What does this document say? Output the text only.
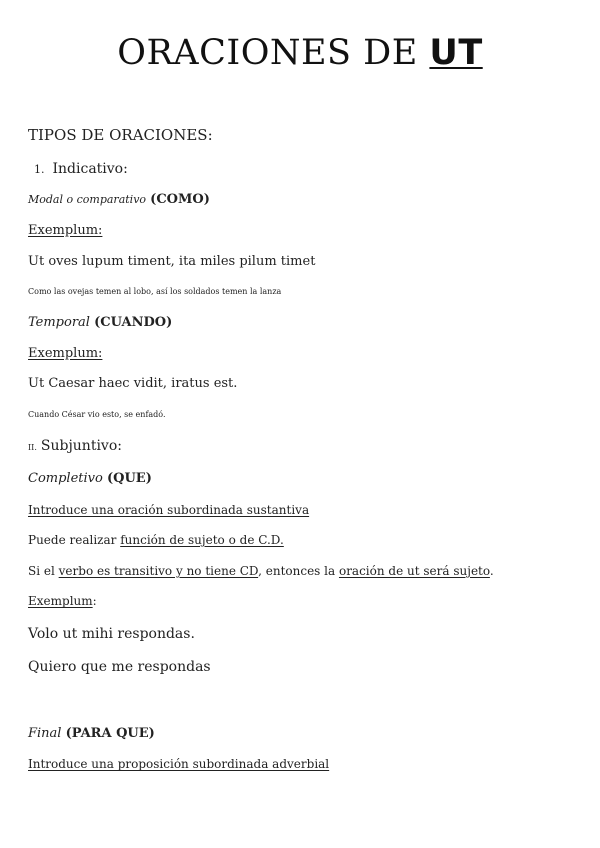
ORACIONES DE UT
TIPOS DE ORACIONES:
1. Indicativo:
Modal o comparativo (COMO)
Exemplum:
Ut oves lupum timent, ita miles pilum timet
Como las ovejas temen al lobo, así los soldados temen la lanza
Temporal (CUANDO)
Exemplum:
Ut Caesar haec vidit, iratus est.
Cuando César vio esto, se enfadó.
II. Subjuntivo:
Completivo (QUE)
Introduce una oración subordinada sustantiva
Puede realizar función de sujeto o de C.D.
Si el verbo es transitivo y no tiene CD, entonces la oración de ut será sujeto.
Exemplum:
Volo ut mihi respondas.
Quiero que me respondas
Final (PARA QUE)
Introduce una proposición subordinada adverbial
